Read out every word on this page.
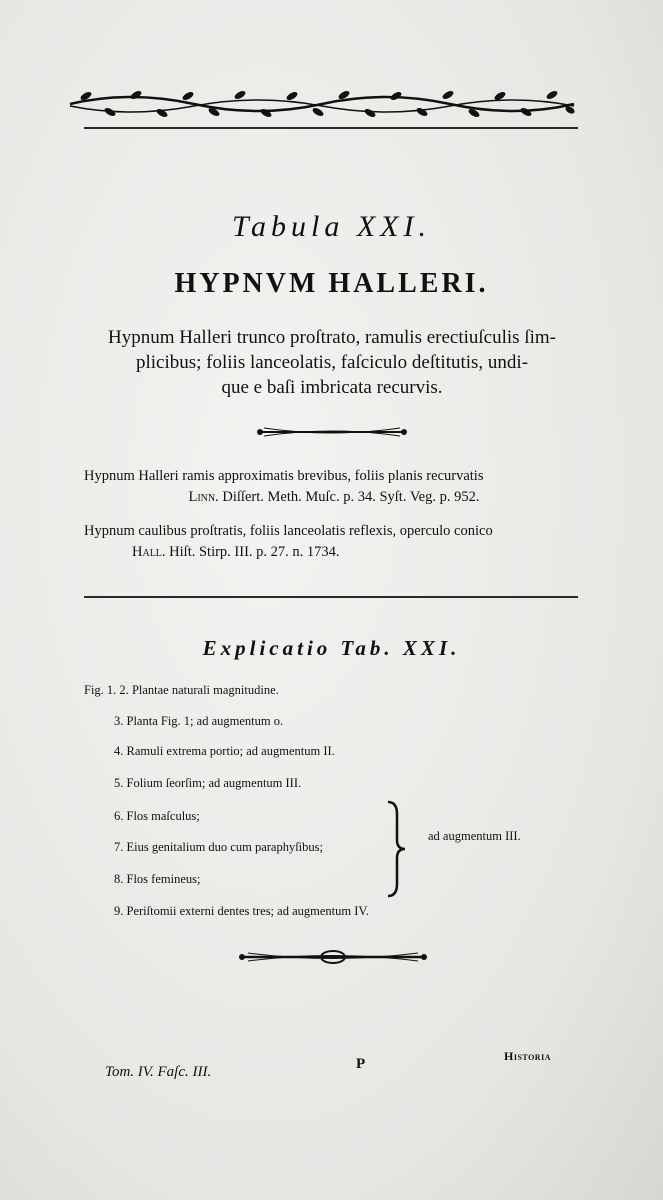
Tabula XXI.
HYPNVM HALLERI.
Hypnum Halleri trunco proſtrato, ramulis erectiuſculis ſim-
plicibus; foliis lanceolatis, faſciculo deſtitutis, undi-
que e baſi imbricata recurvis.
Hypnum Halleri ramis approximatis brevibus, foliis planis recurvatis
Linn. Diſſert. Meth. Muſc. p. 34. Syſt. Veg. p. 952.
Hypnum caulibus proſtratis, foliis lanceolatis reflexis, operculo conico
Hall. Hiſt. Stirp. III. p. 27. n. 1734.
Explicatio Tab. XXI.
Fig. 1. 2. Plantae naturali magnitudine.
3. Planta Fig. 1; ad augmentum o.
4. Ramuli extrema portio; ad augmentum II.
5. Folium ſeorſim; ad augmentum III.
6. Flos maſculus;
7. Eius genitalium duo cum paraphyſibus;
8. Flos femineus;
9. Periſtomii externi dentes tres; ad augmentum IV.
ad augmentum III.
Tom. IV. Faſc. III.	P	Historia
